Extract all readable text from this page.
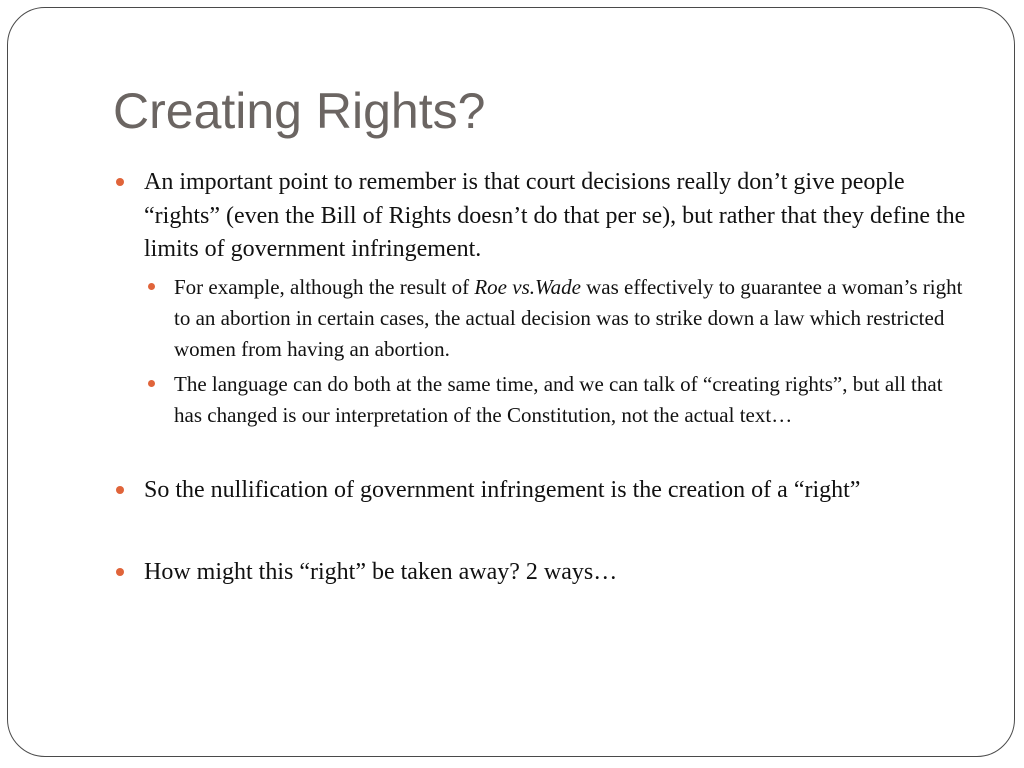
Creating Rights?
An important point to remember is that court decisions really don’t give people “rights” (even the Bill of Rights doesn’t do that per se), but rather that they define the limits of government infringement.
For example, although the result of Roe vs.Wade was effectively to guarantee a woman’s right to an abortion in certain cases, the actual decision was to strike down a law which restricted women from having an abortion.
The language can do both at the same time, and we can talk of “creating rights”, but all that has changed is our interpretation of the Constitution, not the actual text…
So the nullification of government infringement is the creation of a “right”
How might this “right” be taken away? 2 ways…
